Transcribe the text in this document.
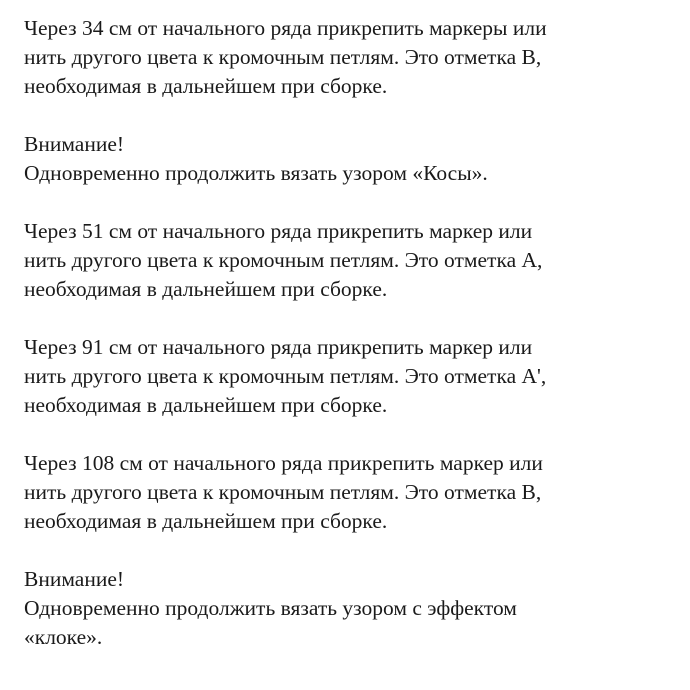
Через 34 см от начального ряда прикрепить маркеры или
нить другого цвета к кромочным петлям. Это отметка B,
необходимая в дальнейшем при сборке.

Внимание!
Одновременно продолжить вязать узором «Косы».

Через 51 см от начального ряда прикрепить маркер или
нить другого цвета к кромочным петлям. Это отметка A,
необходимая в дальнейшем при сборке.

Через 91 см от начального ряда прикрепить маркер или
нить другого цвета к кромочным петлям. Это отметка A',
необходимая в дальнейшем при сборке.

Через 108 см от начального ряда прикрепить маркер или
нить другого цвета к кромочным петлям. Это отметка B,
необходимая в дальнейшем при сборке.

Внимание!
Одновременно продолжить вязать узором с эффектом
«клоке».
